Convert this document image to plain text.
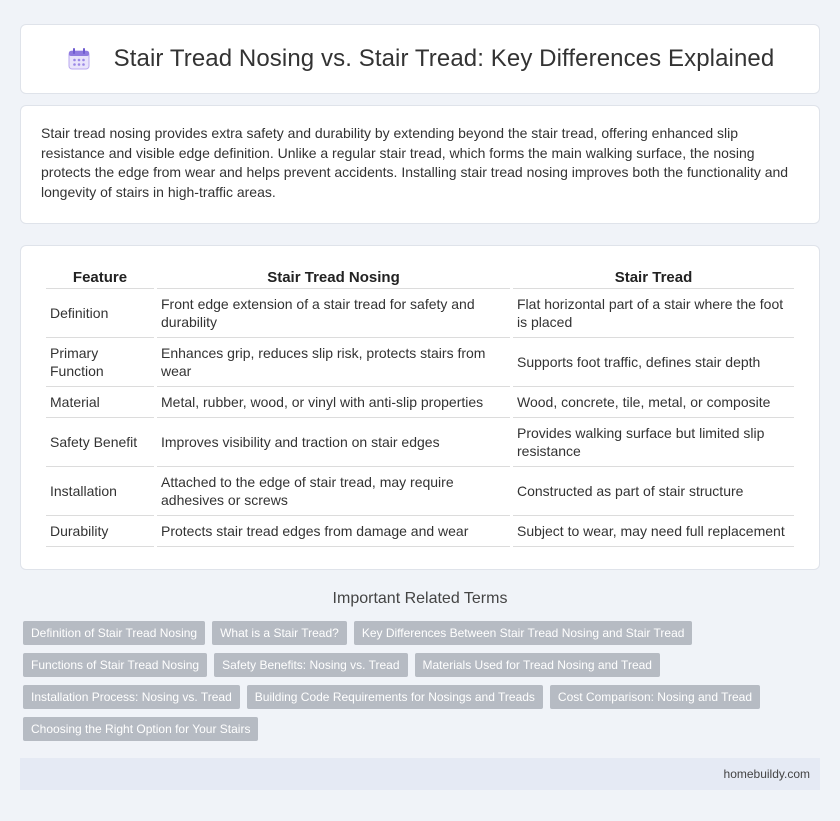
Stair Tread Nosing vs. Stair Tread: Key Differences Explained

Stair tread nosing provides extra safety and durability by extending beyond the stair tread, offering enhanced slip resistance and visible edge definition. Unlike a regular stair tread, which forms the main walking surface, the nosing protects the edge from wear and helps prevent accidents. Installing stair tread nosing improves both the functionality and longevity of stairs in high-traffic areas.

Feature	Stair Tread Nosing	Stair Tread
Definition	Front edge extension of a stair tread for safety and durability	Flat horizontal part of a stair where the foot is placed
Primary Function	Enhances grip, reduces slip risk, protects stairs from wear	Supports foot traffic, defines stair depth
Material	Metal, rubber, wood, or vinyl with anti-slip properties	Wood, concrete, tile, metal, or composite
Safety Benefit	Improves visibility and traction on stair edges	Provides walking surface but limited slip resistance
Installation	Attached to the edge of stair tread, may require adhesives or screws	Constructed as part of stair structure
Durability	Protects stair tread edges from damage and wear	Subject to wear, may need full replacement
Important Related Terms
Definition of Stair Tread Nosing	What is a Stair Tread?	Key Differences Between Stair Tread Nosing and Stair Tread
Functions of Stair Tread Nosing	Safety Benefits: Nosing vs. Tread	Materials Used for Tread Nosing and Tread
Installation Process: Nosing vs. Tread	Building Code Requirements for Nosings and Treads	Cost Comparison: Nosing and Tread
Choosing the Right Option for Your Stairs
homebuildy.com
